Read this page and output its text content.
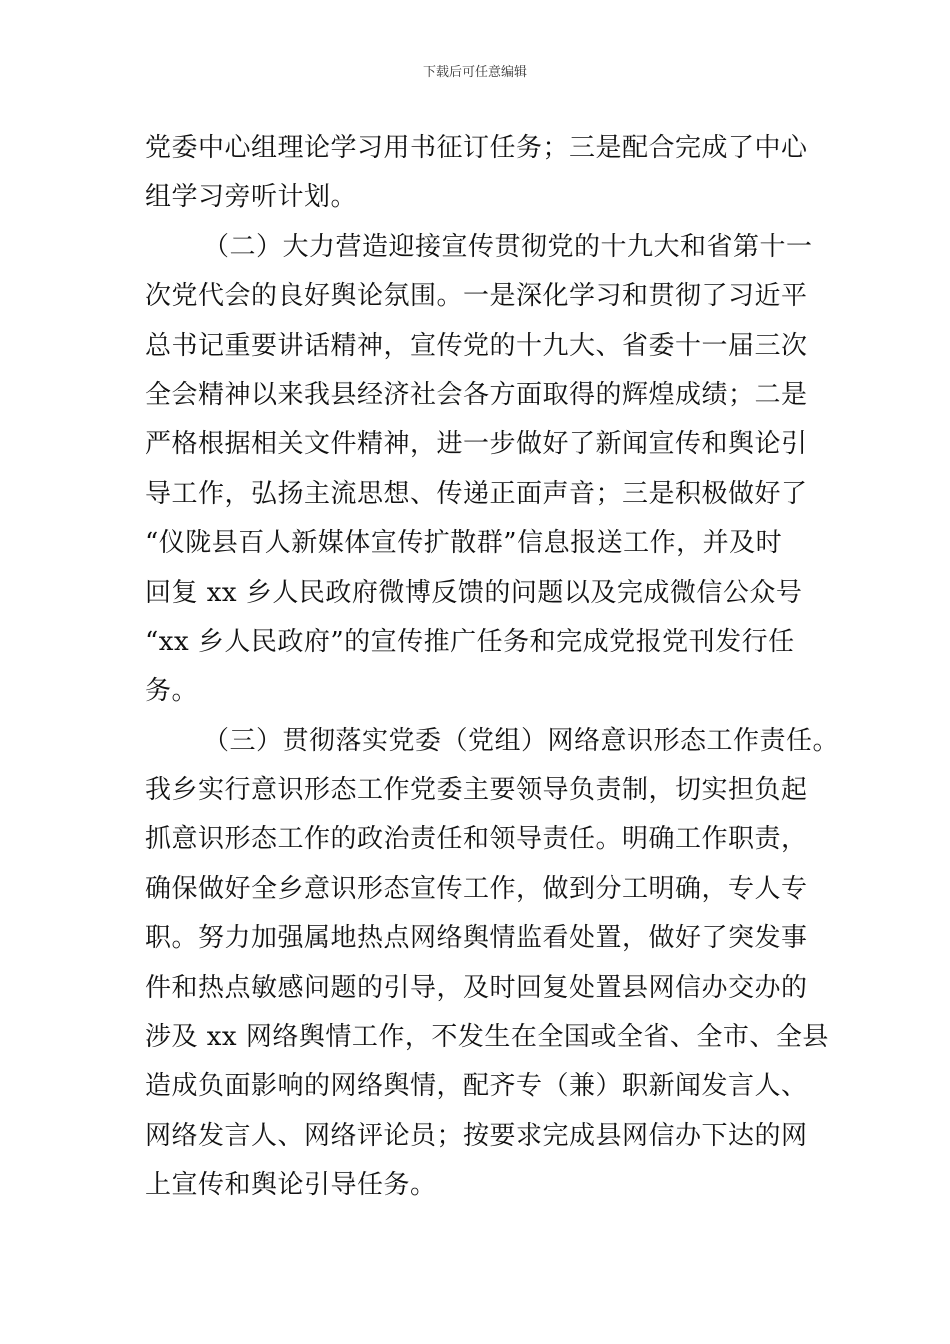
下载后可任意编辑
党委中心组理论学习用书征订任务；三是配合完成了中心
组学习旁听计划。
（二）大力营造迎接宣传贯彻党的十九大和省第十一
次党代会的良好舆论氛围。一是深化学习和贯彻了习近平
总书记重要讲话精神，宣传党的十九大、省委十一届三次
全会精神以来我县经济社会各方面取得的辉煌成绩；二是
严格根据相关文件精神，进一步做好了新闻宣传和舆论引
导工作，弘扬主流思想、传递正面声音；三是积极做好了
“仪陇县百人新媒体宣传扩散群”信息报送工作，并及时
回复 xx 乡人民政府微博反馈的问题以及完成微信公众号
“xx 乡人民政府”的宣传推广任务和完成党报党刊发行任
务。
（三）贯彻落实党委（党组）网络意识形态工作责任。
我乡实行意识形态工作党委主要领导负责制，切实担负起
抓意识形态工作的政治责任和领导责任。明确工作职责，
确保做好全乡意识形态宣传工作，做到分工明确，专人专
职。努力加强属地热点网络舆情监看处置，做好了突发事
件和热点敏感问题的引导，及时回复处置县网信办交办的
涉及 xx 网络舆情工作，不发生在全国或全省、全市、全县
造成负面影响的网络舆情，配齐专（兼）职新闻发言人、
网络发言人、网络评论员；按要求完成县网信办下达的网
上宣传和舆论引导任务。
